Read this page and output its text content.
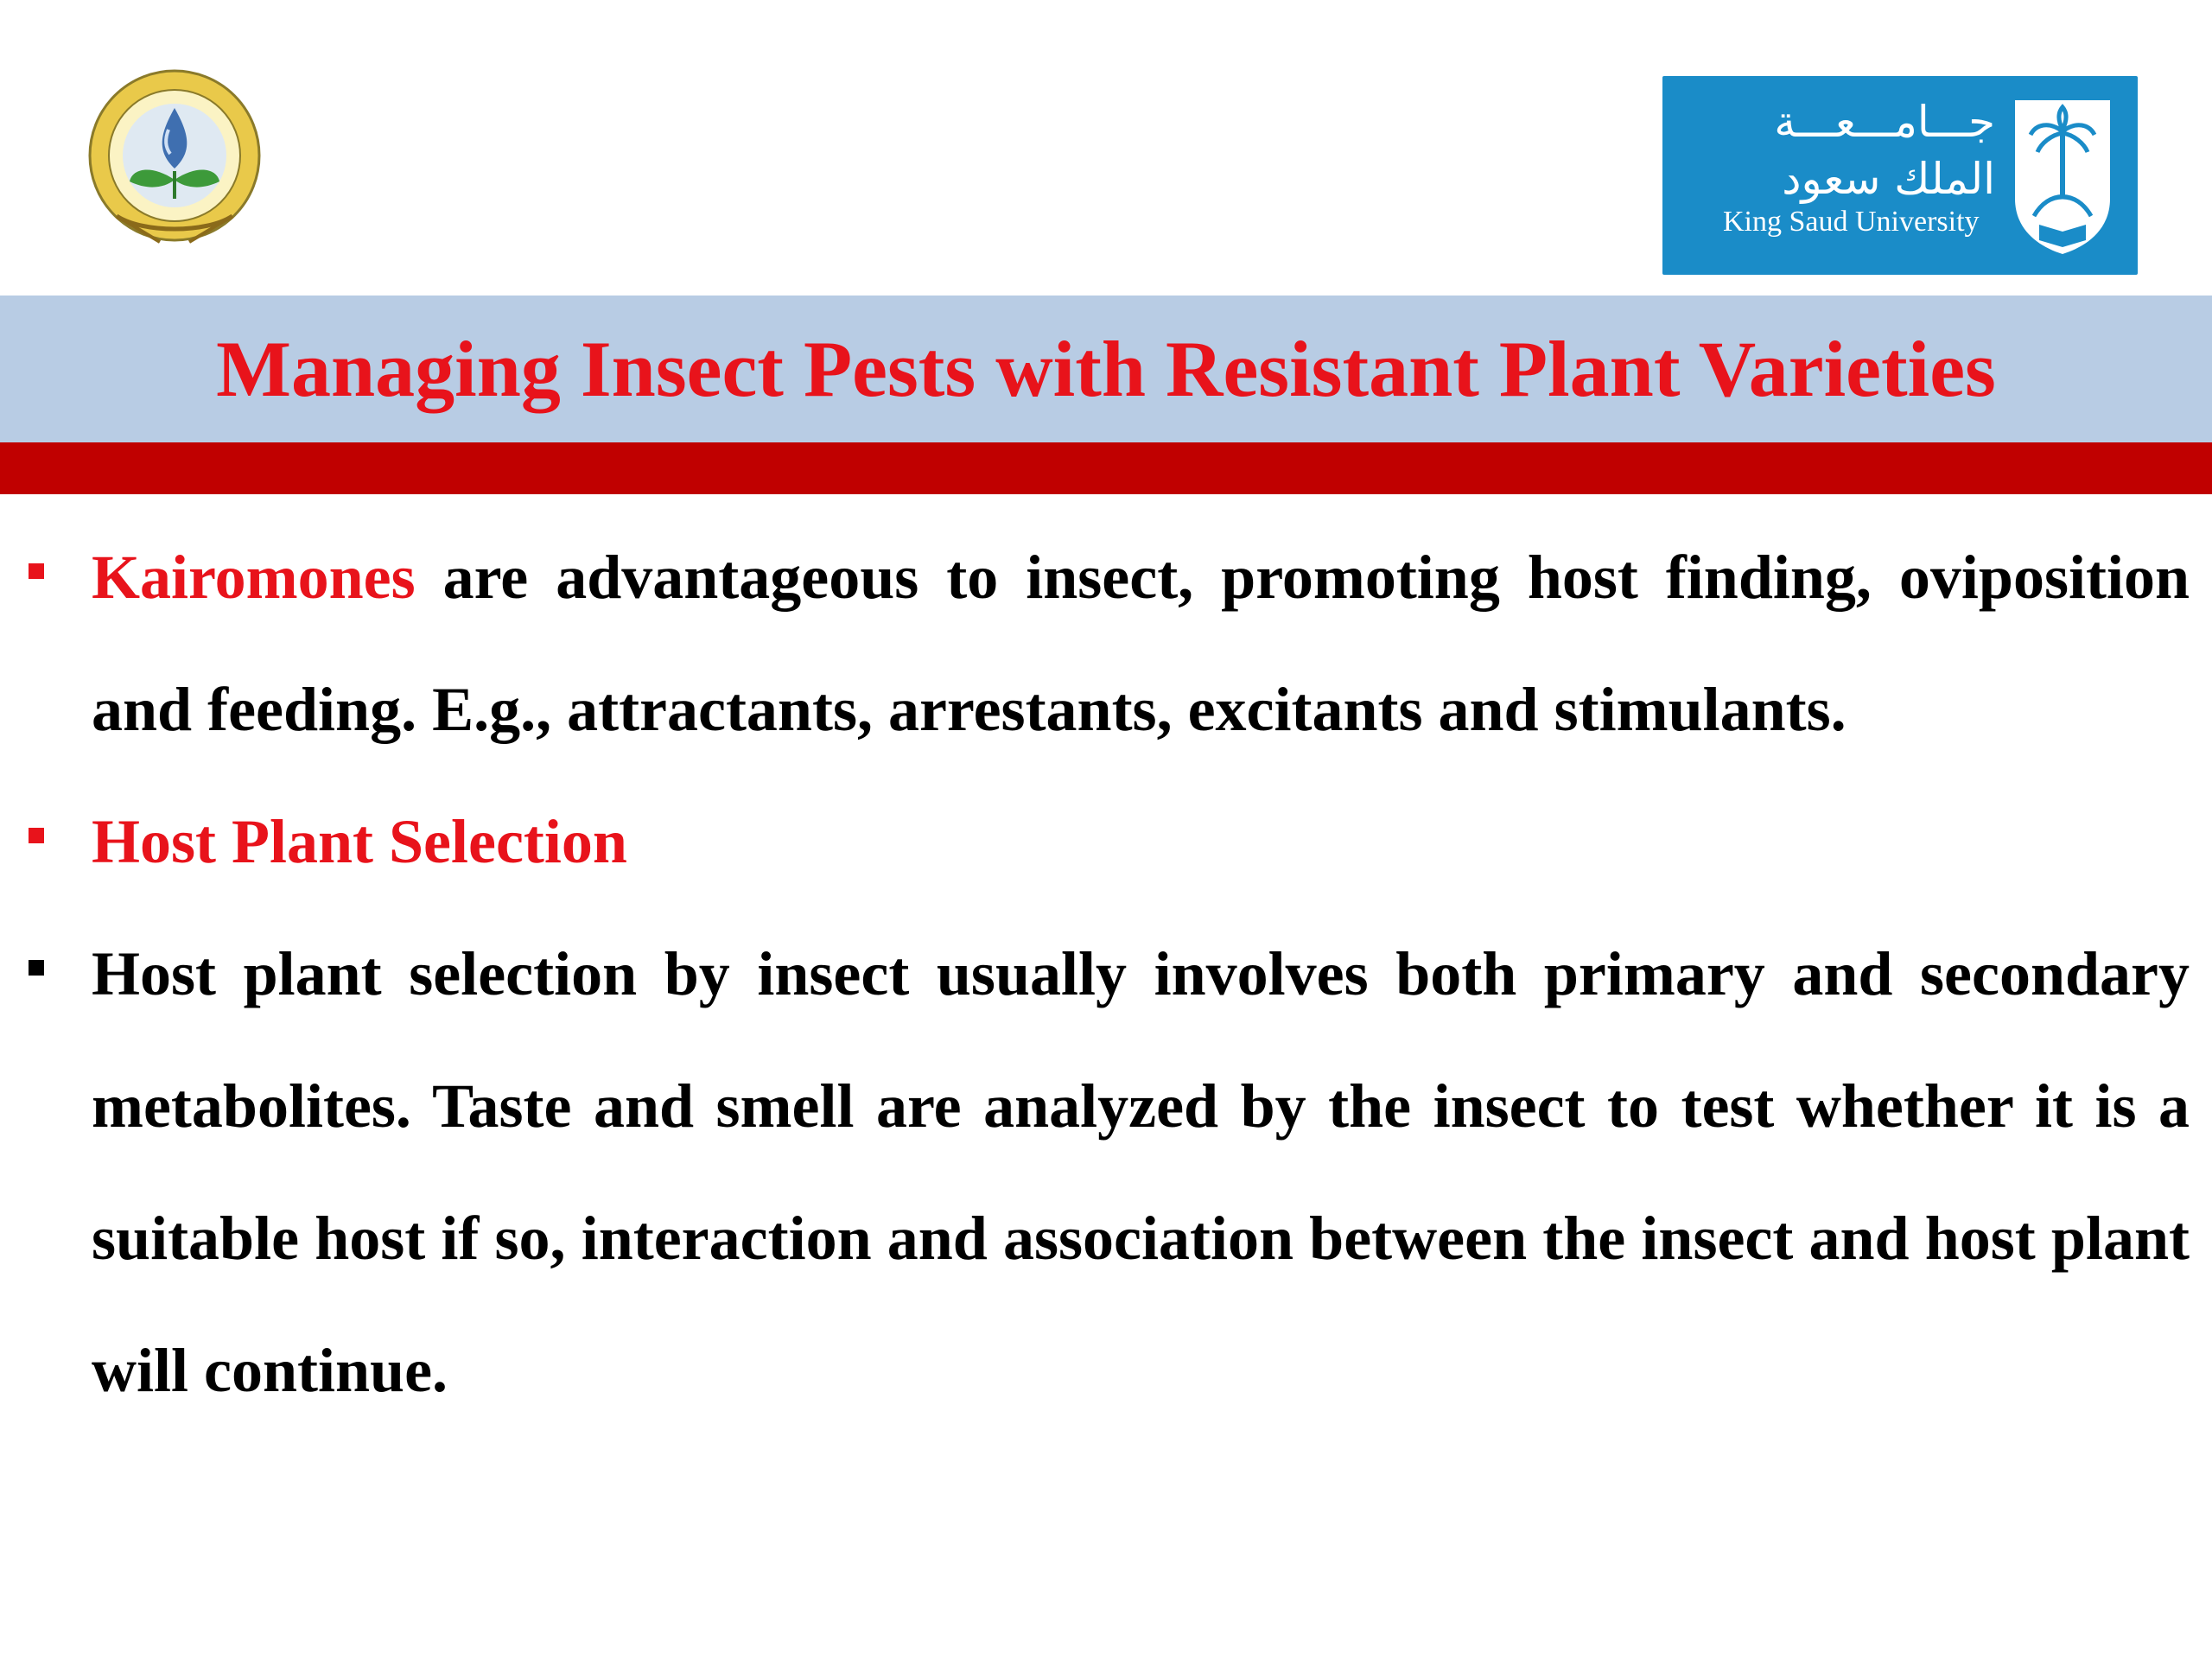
جـــامـــعـــة
الملك سعود
King Saud University
Managing Insect Pests with Resistant Plant Varieties

Kairomones are advantageous to insect, promoting host finding, oviposition and feeding. E.g., attractants, arrestants, excitants and stimulants.

Host Plant Selection

Host plant selection by insect usually involves both primary and secondary metabolites. Taste and smell are analyzed by the insect to test whether it is a suitable host if so, interaction and association between the insect and host plant will continue.
